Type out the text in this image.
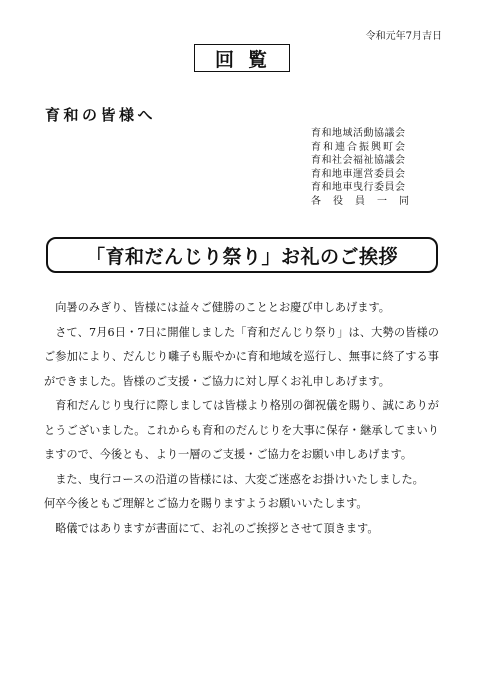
令和元年7月吉日
回覧
育和の皆様へ
育和地域活動協議会
育和連合振興町会
育和社会福祉協議会
育和地車運営委員会
育和地車曳行委員会
各役員一同
「育和だんじり祭り」お礼のご挨拶

向暑のみぎり、皆様には益々ご健勝のこととお慶び申しあげます。

さて、7月6日・7日に開催しました「育和だんじり祭り」は、大勢の皆様のご参加により、だんじり囃子も賑やかに育和地域を巡行し、無事に終了する事ができました。皆様のご支援・ご協力に対し厚くお礼申しあげます。

育和だんじり曳行に際しましては皆様より格別の御祝儀を賜り、誠にありがとうございました。これからも育和のだんじりを大事に保存・継承してまいりますので、今後とも、より一層のご支援・ご協力をお願い申しあげます。

また、曳行コースの沿道の皆様には、大変ご迷惑をお掛けいたしました。

何卒今後ともご理解とご協力を賜りますようお願いいたします。

略儀ではありますが書面にて、お礼のご挨拶とさせて頂きます。
